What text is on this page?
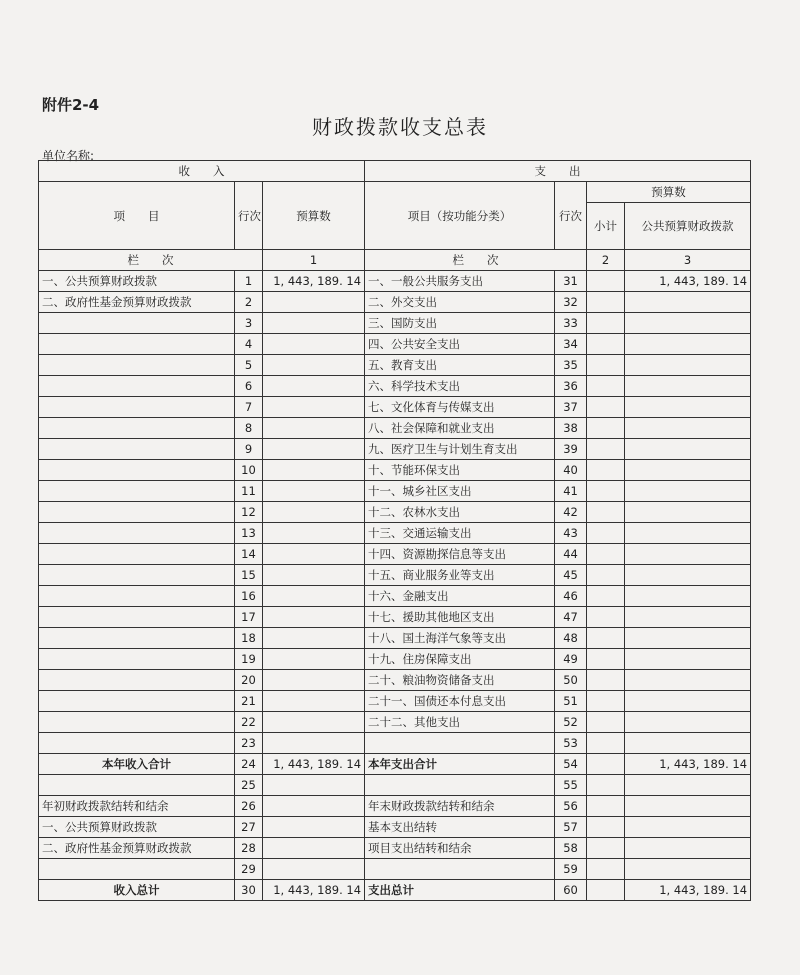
附件2-4
财政拨款收支总表
单位名称:
收　　入			支　　出			
项　　目	行次	预算数	项目（按功能分类）	行次	预算数	
					小计	公共预算财政拨款
栏　　次		1	栏　　次		2	3
一、公共预算财政拨款	1	1, 443, 189. 14	一、一般公共服务支出	31		1, 443, 189. 14
二、政府性基金预算财政拨款	2		二、外交支出	32		
	3		三、国防支出	33		
	4		四、公共安全支出	34		
	5		五、教育支出	35		
	6		六、科学技术支出	36		
	7		七、文化体育与传媒支出	37		
	8		八、社会保障和就业支出	38		
	9		九、医疗卫生与计划生育支出	39		
	10		十、节能环保支出	40		
	11		十一、城乡社区支出	41		
	12		十二、农林水支出	42		
	13		十三、交通运输支出	43		
	14		十四、资源勘探信息等支出	44		
	15		十五、商业服务业等支出	45		
	16		十六、金融支出	46		
	17		十七、援助其他地区支出	47		
	18		十八、国土海洋气象等支出	48		
	19		十九、住房保障支出	49		
	20		二十、粮油物资储备支出	50		
	21		二十一、国债还本付息支出	51		
	22		二十二、其他支出	52		
	23			53		
本年收入合计	24	1, 443, 189. 14	本年支出合计	54		1, 443, 189. 14
	25			55		
年初财政拨款结转和结余	26		年末财政拨款结转和结余	56		
一、公共预算财政拨款	27		基本支出结转	57		
二、政府性基金预算财政拨款	28		项目支出结转和结余	58		
	29			59		
收入总计	30	1, 443, 189. 14	支出总计	60		1, 443, 189. 14
